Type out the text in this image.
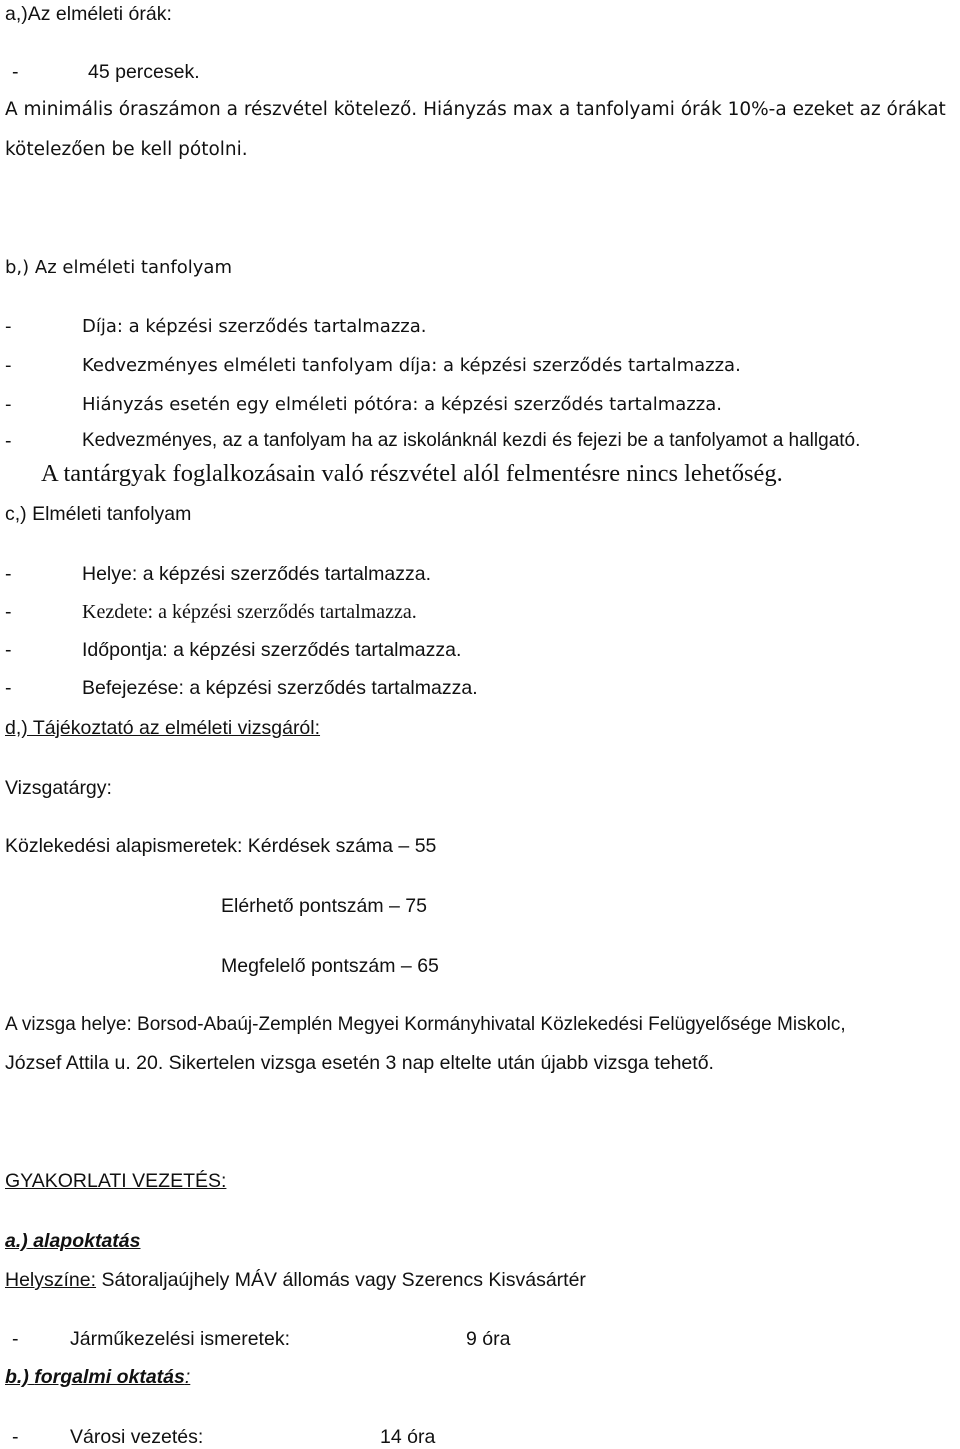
a,)Az elméleti órák:
-	45 percesek.
A minimális óraszámon a részvétel kötelező. Hiányzás max a tanfolyami órák 10%-a ezeket az órákat
kötelezően be kell pótolni.
b,) Az elméleti tanfolyam
-	Díja: a képzési szerződés tartalmazza.
-	Kedvezményes elméleti tanfolyam díja: a képzési szerződés tartalmazza.
-	Hiányzás esetén egy elméleti pótóra: a képzési szerződés tartalmazza.
-	Kedvezményes, az a tanfolyam ha az iskolánknál kezdi és fejezi be a tanfolyamot a hallgató.
A tantárgyak foglalkozásain való részvétel alól felmentésre nincs lehetőség.
c,) Elméleti tanfolyam
-	Helye: a képzési szerződés tartalmazza.
-	Kezdete: a képzési szerződés tartalmazza.
-	Időpontja: a képzési szerződés tartalmazza.
-	Befejezése: a képzési szerződés tartalmazza.
d,) Tájékoztató az elméleti vizsgáról:
Vizsgatárgy:
Közlekedési alapismeretek: Kérdések száma – 55
Elérhető pontszám – 75
Megfelelő pontszám – 65
A vizsga helye: Borsod-Abaúj-Zemplén Megyei Kormányhivatal Közlekedési Felügyelősége Miskolc,
József Attila u. 20. Sikertelen vizsga esetén 3 nap eltelte után újabb vizsga tehető.
GYAKORLATI VEZETÉS:
a.) alapoktatás
Helyszíne: Sátoraljaújhely MÁV állomás vagy Szerencs Kisvásártér
-	Járműkezelési ismeretek:	9 óra
b.) forgalmi oktatás:
-	Városi vezetés:	14 óra
